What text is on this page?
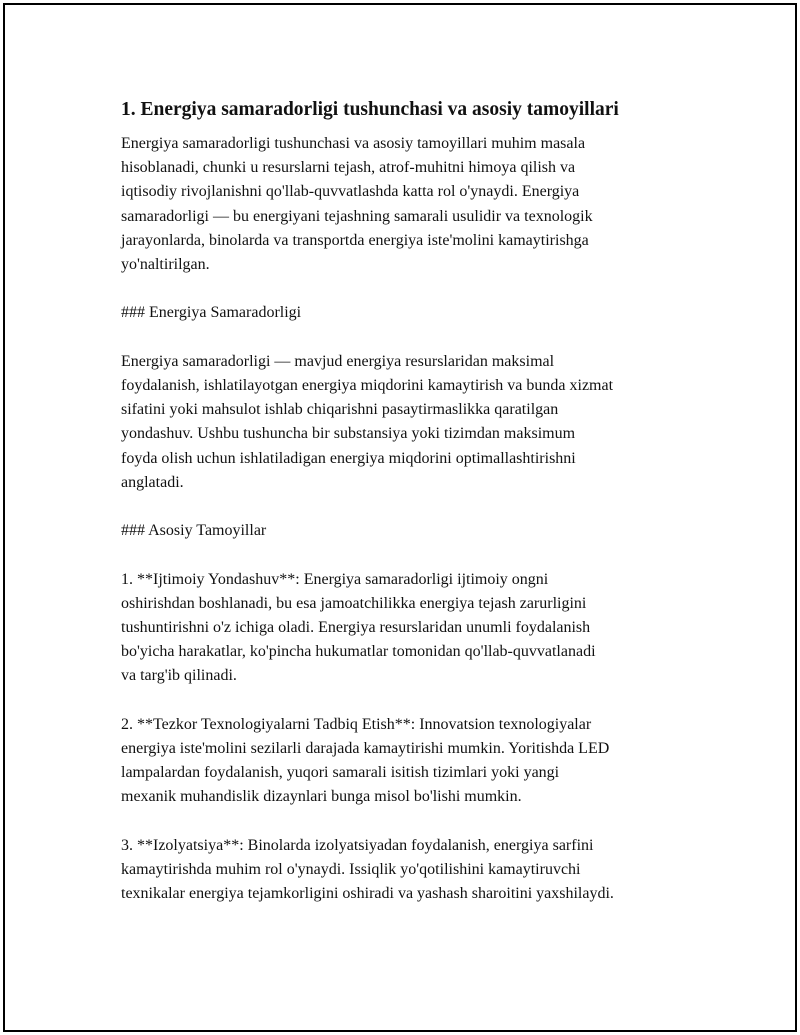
1. Energiya samaradorligi tushunchasi va asosiy tamoyillari

Energiya samaradorligi tushunchasi va asosiy tamoyillari muhim masala
hisoblanadi, chunki u resurslarni tejash, atrof-muhitni himoya qilish va
iqtisodiy rivojlanishni qo'llab-quvvatlashda katta rol o'ynaydi. Energiya
samaradorligi — bu energiyani tejashning samarali usulidir va texnologik
jarayonlarda, binolarda va transportda energiya iste'molini kamaytirishga
yo'naltirilgan.

### Energiya Samaradorligi

Energiya samaradorligi — mavjud energiya resurslaridan maksimal
foydalanish, ishlatilayotgan energiya miqdorini kamaytirish va bunda xizmat
sifatini yoki mahsulot ishlab chiqarishni pasaytirmaslikka qaratilgan
yondashuv. Ushbu tushuncha bir substansiya yoki tizimdan maksimum
foyda olish uchun ishlatiladigan energiya miqdorini optimallashtirishni
anglatadi.

### Asosiy Tamoyillar

1. **Ijtimoiy Yondashuv**: Energiya samaradorligi ijtimoiy ongni
oshirishdan boshlanadi, bu esa jamoatchilikka energiya tejash zarurligini
tushuntirishni o'z ichiga oladi. Energiya resurslaridan unumli foydalanish
bo'yicha harakatlar, ko'pincha hukumatlar tomonidan qo'llab-quvvatlanadi
va targ'ib qilinadi.

2. **Tezkor Texnologiyalarni Tadbiq Etish**: Innovatsion texnologiyalar
energiya iste'molini sezilarli darajada kamaytirishi mumkin. Yoritishda LED
lampalardan foydalanish, yuqori samarali isitish tizimlari yoki yangi
mexanik muhandislik dizaynlari bunga misol bo'lishi mumkin.

3. **Izolyatsiya**: Binolarda izolyatsiyadan foydalanish, energiya sarfini
kamaytirishda muhim rol o'ynaydi. Issiqlik yo'qotilishini kamaytiruvchi
texnikalar energiya tejamkorligini oshiradi va yashash sharoitini yaxshilaydi.
